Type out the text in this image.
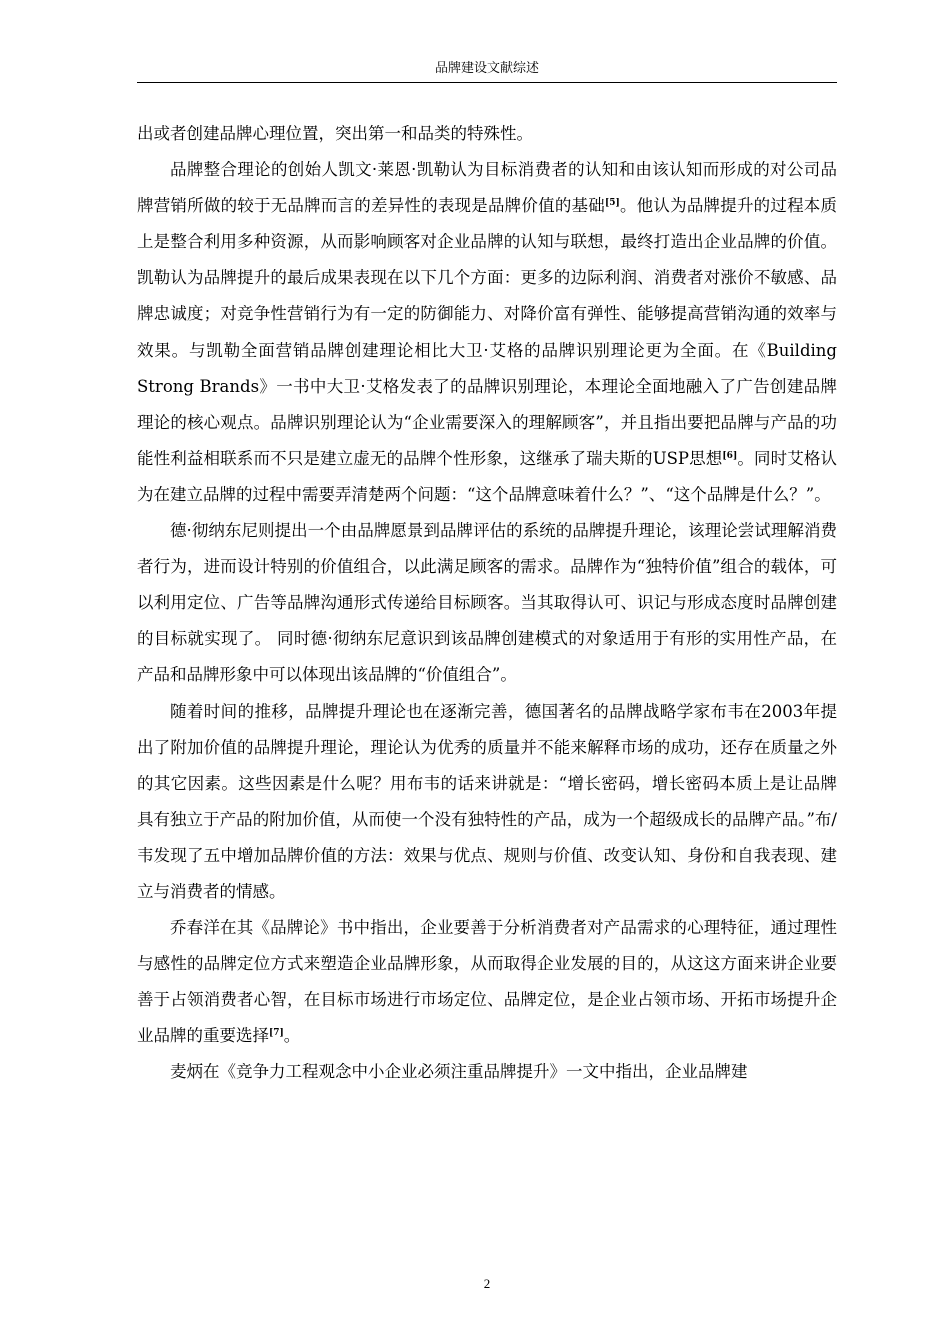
品牌建设文献综述

出或者创建品牌心理位置，突出第一和品类的特殊性。

品牌整合理论的创始人凯文·莱恩·凯勒认为目标消费者的认知和由该认知而形成的对公司品牌营销所做的较于无品牌而言的差异性的表现是品牌价值的基础[5]。他认为品牌提升的过程本质上是整合利用多种资源，从而影响顾客对企业品牌的认知与联想，最终打造出企业品牌的价值。凯勒认为品牌提升的最后成果表现在以下几个方面：更多的边际利润、消费者对涨价不敏感、品牌忠诚度；对竞争性营销行为有一定的防御能力、对降价富有弹性、能够提高营销沟通的效率与效果。与凯勒全面营销品牌创建理论相比大卫·艾格的品牌识别理论更为全面。在《Building Strong Brands》一书中大卫·艾格发表了的品牌识别理论，本理论全面地融入了广告创建品牌理论的核心观点。品牌识别理论认为“企业需要深入的理解顾客”，并且指出要把品牌与产品的功能性利益相联系而不只是建立虚无的品牌个性形象，这继承了瑞夫斯的USP思想[6]。同时艾格认为在建立品牌的过程中需要弄清楚两个问题：“这个品牌意味着什么？”、“这个品牌是什么？”。

德·彻纳东尼则提出一个由品牌愿景到品牌评估的系统的品牌提升理论，该理论尝试理解消费者行为，进而设计特别的价值组合，以此满足顾客的需求。品牌作为“独特价值”组合的载体，可以利用定位、广告等品牌沟通形式传递给目标顾客。当其取得认可、识记与形成态度时品牌创建的目标就实现了。 同时德·彻纳东尼意识到该品牌创建模式的对象适用于有形的实用性产品，在产品和品牌形象中可以体现出该品牌的“价值组合”。

随着时间的推移，品牌提升理论也在逐渐完善，德国著名的品牌战略学家布韦在2003年提出了附加价值的品牌提升理论，理论认为优秀的质量并不能来解释市场的成功，还存在质量之外的其它因素。这些因素是什么呢？用布韦的话来讲就是：“增长密码，增长密码本质上是让品牌具有独立于产品的附加价值，从而使一个没有独特性的产品，成为一个超级成长的品牌产品。”布/韦发现了五中增加品牌价值的方法：效果与优点、规则与价值、改变认知、身份和自我表现、建立与消费者的情感。

乔春洋在其《品牌论》书中指出，企业要善于分析消费者对产品需求的心理特征，通过理性与感性的品牌定位方式来塑造企业品牌形象，从而取得企业发展的目的，从这这方面来讲企业要善于占领消费者心智，在目标市场进行市场定位、品牌定位，是企业占领市场、开拓市场提升企业品牌的重要选择[7]。

麦炳在《竞争力工程观念中小企业必须注重品牌提升》一文中指出，企业品牌建

2
